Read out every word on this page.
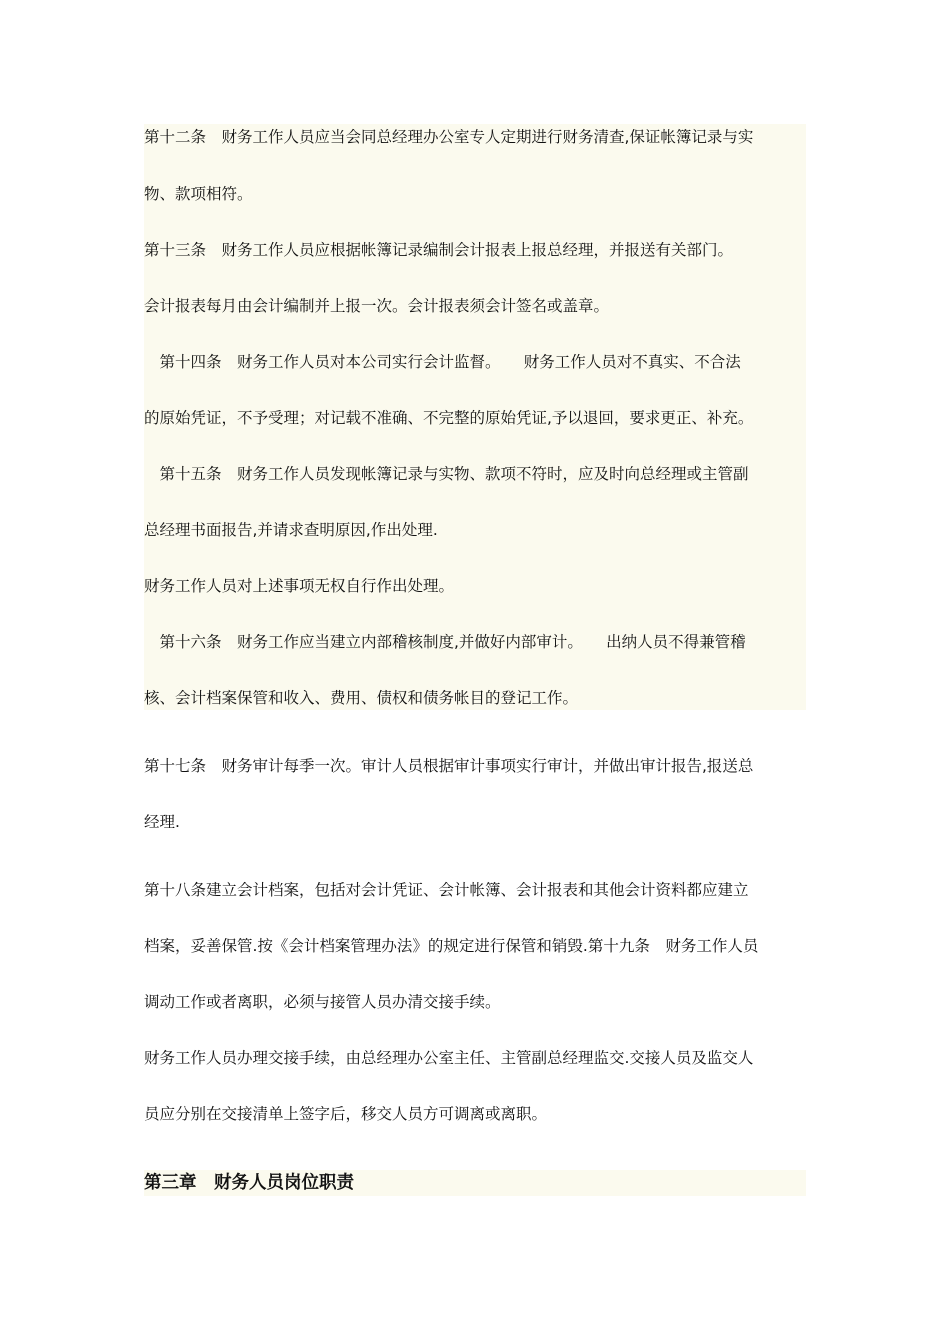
第十二条　财务工作人员应当会同总经理办公室专人定期进行财务清查,保证帐簿记录与实
物、款项相符。
第十三条　财务工作人员应根据帐簿记录编制会计报表上报总经理，并报送有关部门。
会计报表每月由会计编制并上报一次。会计报表须会计签名或盖章。
　第十四条　财务工作人员对本公司实行会计监督。　　财务工作人员对不真实、不合法
的原始凭证，不予受理；对记载不准确、不完整的原始凭证,予以退回，要求更正、补充。
　第十五条　财务工作人员发现帐簿记录与实物、款项不符时，应及时向总经理或主管副
总经理书面报告,并请求查明原因,作出处理.
财务工作人员对上述事项无权自行作出处理。
　第十六条　财务工作应当建立内部稽核制度,并做好内部审计。　　出纳人员不得兼管稽
核、会计档案保管和收入、费用、债权和债务帐目的登记工作。
第十七条　财务审计每季一次。审计人员根据审计事项实行审计，并做出审计报告,报送总
经理.
第十八条建立会计档案，包括对会计凭证、会计帐簿、会计报表和其他会计资料都应建立
档案，妥善保管.按《会计档案管理办法》的规定进行保管和销毁.第十九条　财务工作人员
调动工作或者离职，必须与接管人员办清交接手续。
财务工作人员办理交接手续，由总经理办公室主任、主管副总经理监交.交接人员及监交人
员应分别在交接清单上签字后，移交人员方可调离或离职。
第三章　财务人员岗位职责
